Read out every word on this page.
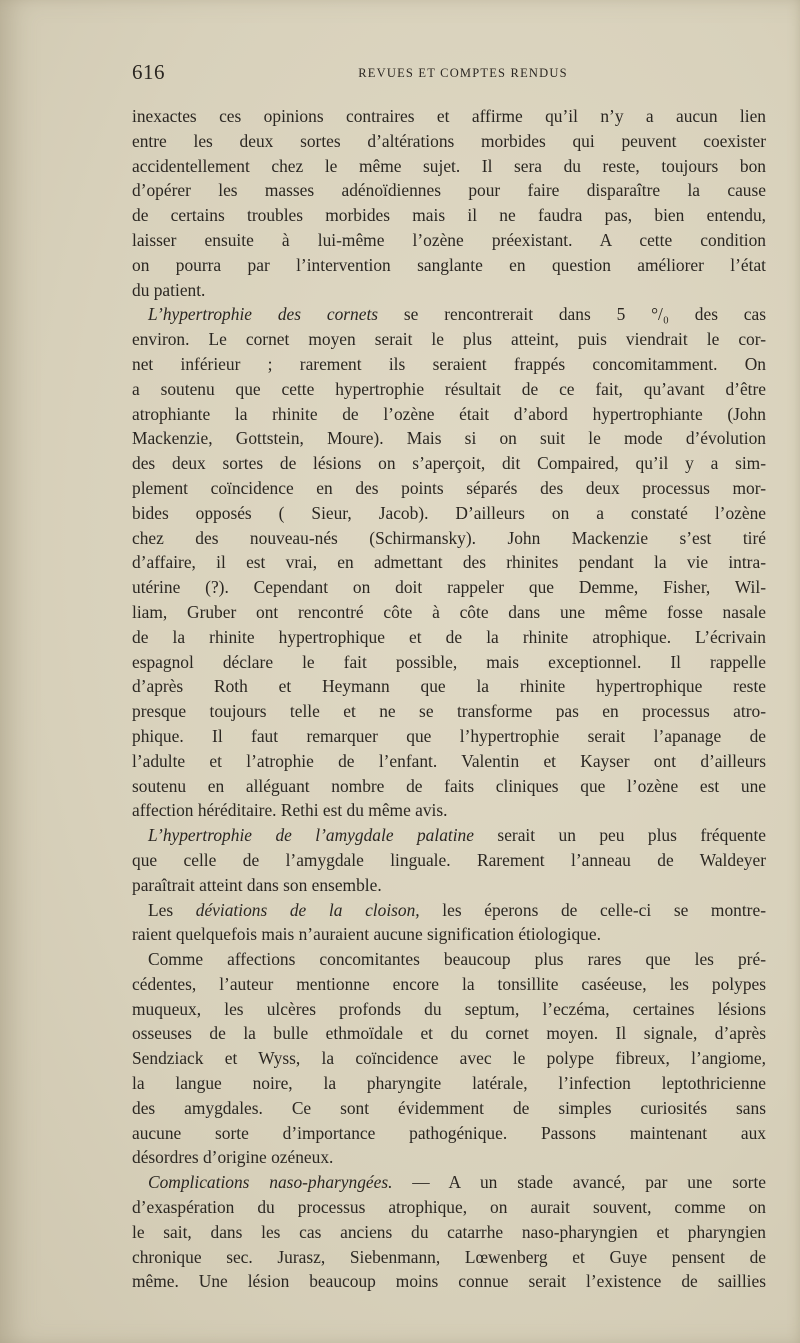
616	REVUES ET COMPTES RENDUS
inexactes ces opinions contraires et affirme qu’il n’y a aucun lien
entre les deux sortes d’altérations morbides qui peuvent coexister
accidentellement chez le même sujet. Il sera du reste, toujours bon
d’opérer les masses adénoïdiennes pour faire disparaître la cause
de certains troubles morbides mais il ne faudra pas, bien entendu,
laisser ensuite à lui-même l’ozène préexistant. A cette condition
on pourra par l’intervention sanglante en question améliorer l’état
du patient.
L’hypertrophie des cornets se rencontrerait dans 5 °/₀ des cas
environ. Le cornet moyen serait le plus atteint, puis viendrait le cor-
net inférieur ; rarement ils seraient frappés concomitamment. On
a soutenu que cette hypertrophie résultait de ce fait, qu’avant d’être
atrophiante la rhinite de l’ozène était d’abord hypertrophiante (John
Mackenzie, Gottstein, Moure). Mais si on suit le mode d’évolution
des deux sortes de lésions on s’aperçoit, dit Compaired, qu’il y a sim-
plement coïncidence en des points séparés des deux processus mor-
bides opposés ( Sieur, Jacob). D’ailleurs on a constaté l’ozène
chez des nouveau-nés (Schirmansky). John Mackenzie s’est tiré
d’affaire, il est vrai, en admettant des rhinites pendant la vie intra-
utérine (?). Cependant on doit rappeler que Demme, Fisher, Wil-
liam, Gruber ont rencontré côte à côte dans une même fosse nasale
de la rhinite hypertrophique et de la rhinite atrophique. L’écrivain
espagnol déclare le fait possible, mais exceptionnel. Il rappelle
d’après Roth et Heymann que la rhinite hypertrophique reste
presque toujours telle et ne se transforme pas en processus atro-
phique. Il faut remarquer que l’hypertrophie serait l’apanage de
l’adulte et l’atrophie de l’enfant. Valentin et Kayser ont d’ailleurs
soutenu en alléguant nombre de faits cliniques que l’ozène est une
affection héréditaire. Rethi est du même avis.
L’hypertrophie de l’amygdale palatine serait un peu plus fréquente
que celle de l’amygdale linguale. Rarement l’anneau de Waldeyer
paraîtrait atteint dans son ensemble.
Les déviations de la cloison, les éperons de celle-ci se montre-
raient quelquefois mais n’auraient aucune signification étiologique.
Comme affections concomitantes beaucoup plus rares que les pré-
cédentes, l’auteur mentionne encore la tonsillite caséeuse, les polypes
muqueux, les ulcères profonds du septum, l’eczéma, certaines lésions
osseuses de la bulle ethmoïdale et du cornet moyen. Il signale, d’après
Sendziack et Wyss, la coïncidence avec le polype fibreux, l’angiome,
la langue noire, la pharyngite latérale, l’infection leptothricienne
des amygdales. Ce sont évidemment de simples curiosités sans
aucune sorte d’importance pathogénique. Passons maintenant aux
désordres d’origine ozéneux.
Complications naso-pharyngées. — A un stade avancé, par une sorte
d’exaspération du processus atrophique, on aurait souvent, comme on
le sait, dans les cas anciens du catarrhe naso-pharyngien et pharyngien
chronique sec. Jurasz, Siebenmann, Lœwenberg et Guye pensent de
même. Une lésion beaucoup moins connue serait l’existence de saillies
